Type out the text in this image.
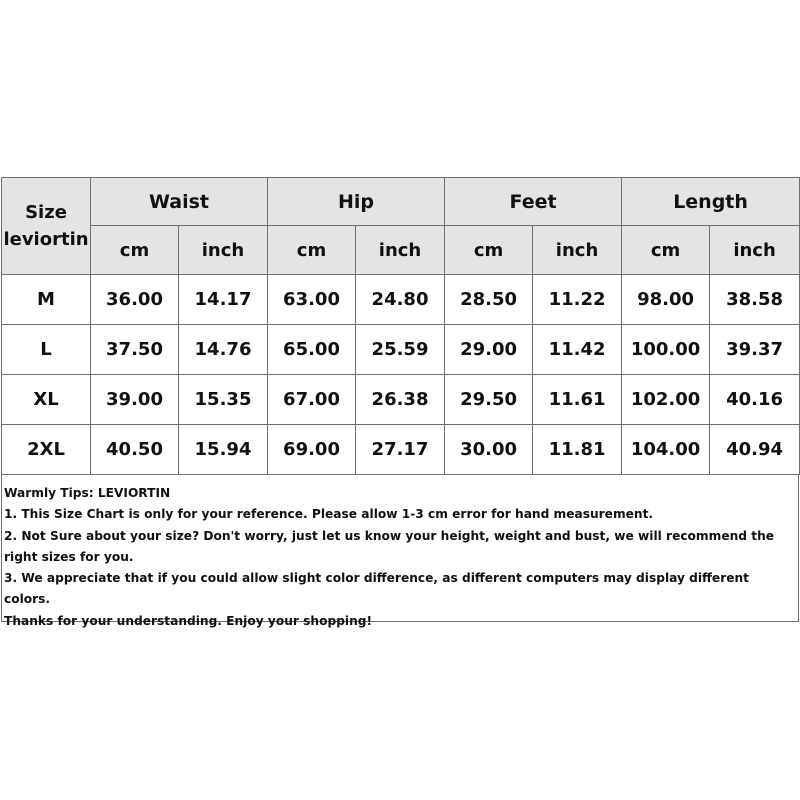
Size
leviortin	Waist		Hip		Feet		Length	
	cm	inch	cm	inch	cm	inch	cm	inch
M	36.00	14.17	63.00	24.80	28.50	11.22	98.00	38.58
L	37.50	14.76	65.00	25.59	29.00	11.42	100.00	39.37
XL	39.00	15.35	67.00	26.38	29.50	11.61	102.00	40.16
2XL	40.50	15.94	69.00	27.17	30.00	11.81	104.00	40.94
Warmly Tips: LEVIORTIN
1. This Size Chart is only for your reference. Please allow 1-3 cm error for hand measurement.
2. Not Sure about your size? Don't worry, just let us know your height, weight and bust, we will recommend the right sizes for you.
3. We appreciate that if you could allow slight color difference, as different computers may display different colors.
Thanks for your understanding. Enjoy your shopping!
